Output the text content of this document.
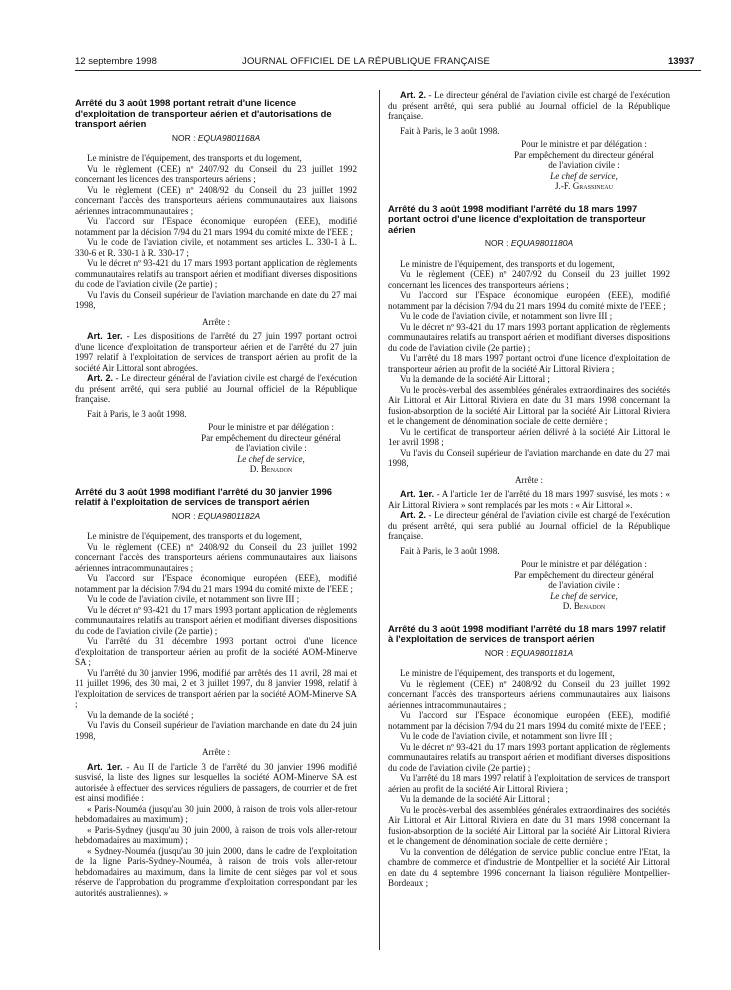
12 septembre 1998	JOURNAL OFFICIEL DE LA RÉPUBLIQUE FRANÇAISE	13937
Arrêté du 3 août 1998 portant retrait d'une licence d'exploitation de transporteur aérien et d'autorisations de transport aérien
NOR : EQUA9801168A

Le ministre de l'équipement, des transports et du logement,

Vu le règlement (CEE) nº 2407/92 du Conseil du 23 juillet 1992 concernant les licences des transporteurs aériens ;

Vu le règlement (CEE) nº 2408/92 du Conseil du 23 juillet 1992 concernant l'accès des transporteurs aériens communautaires aux liaisons aériennes intracommunautaires ;

Vu l'accord sur l'Espace économique européen (EEE), modifié notamment par la décision 7/94 du 21 mars 1994 du comité mixte de l'EEE ;

Vu le code de l'aviation civile, et notamment ses articles L. 330-1 à L. 330-6 et R. 330-1 à R. 330-17 ;

Vu le décret nº 93-421 du 17 mars 1993 portant application de règlements communautaires relatifs au transport aérien et modifiant diverses dispositions du code de l'aviation civile (2e partie) ;

Vu l'avis du Conseil supérieur de l'aviation marchande en date du 27 mai 1998,

Arrête :

Art. 1er. - Les dispositions de l'arrêté du 27 juin 1997 portant octroi d'une licence d'exploitation de transporteur aérien et de l'arrêté du 27 juin 1997 relatif à l'exploitation de services de transport aérien au profit de la société Air Littoral sont abrogées.

Art. 2. - Le directeur général de l'aviation civile est chargé de l'exécution du présent arrêté, qui sera publié au Journal officiel de la République française.

Fait à Paris, le 3 août 1998.

Pour le ministre et par délégation :
Par empêchement du directeur général
de l'aviation civile :
Le chef de service,
D. Benadon
Arrêté du 3 août 1998 modifiant l'arrêté du 30 janvier 1996 relatif à l'exploitation de services de transport aérien
NOR : EQUA9801182A

Le ministre de l'équipement, des transports et du logement,

Vu le règlement (CEE) nº 2408/92 du Conseil du 23 juillet 1992 concernant l'accès des transporteurs aériens communautaires aux liaisons aériennes intracommunautaires ;

Vu l'accord sur l'Espace économique européen (EEE), modifié notamment par la décision 7/94 du 21 mars 1994 du comité mixte de l'EEE ;

Vu le code de l'aviation civile, et notamment son livre III ;

Vu le décret nº 93-421 du 17 mars 1993 portant application de règlements communautaires relatifs au transport aérien et modifiant diverses dispositions du code de l'aviation civile (2e partie) ;

Vu l'arrêté du 31 décembre 1993 portant octroi d'une licence d'exploitation de transporteur aérien au profit de la société AOM-Minerve SA ;

Vu l'arrêté du 30 janvier 1996, modifié par arrêtés des 11 avril, 28 mai et 11 juillet 1996, des 30 mai, 2 et 3 juillet 1997, du 8 janvier 1998, relatif à l'exploitation de services de transport aérien par la société AOM-Minerve SA ;

Vu la demande de la société ;

Vu l'avis du Conseil supérieur de l'aviation marchande en date du 24 juin 1998,

Arrête :

Art. 1er. - Au II de l'article 3 de l'arrêté du 30 janvier 1996 modifié susvisé, la liste des lignes sur lesquelles la société AOM-Minerve SA est autorisée à effectuer des services réguliers de passagers, de courrier et de fret est ainsi modifiée :

« Paris-Nouméa (jusqu'au 30 juin 2000, à raison de trois vols aller-retour hebdomadaires au maximum) ;

« Paris-Sydney (jusqu'au 30 juin 2000, à raison de trois vols aller-retour hebdomadaires au maximum) ;

« Sydney-Nouméa (jusqu'au 30 juin 2000, dans le cadre de l'exploitation de la ligne Paris-Sydney-Nouméa, à raison de trois vols aller-retour hebdomadaires au maximum, dans la limite de cent sièges par vol et sous réserve de l'approbation du programme d'exploitation correspondant par les autorités australiennes). »

Art. 2. - Le directeur général de l'aviation civile est chargé de l'exécution du présent arrêté, qui sera publié au Journal officiel de la République française.

Fait à Paris, le 3 août 1998.

Pour le ministre et par délégation :
Par empêchement du directeur général
de l'aviation civile :
Le chef de service,
J.-F. Grassineau
Arrêté du 3 août 1998 modifiant l'arrêté du 18 mars 1997 portant octroi d'une licence d'exploitation de transporteur aérien
NOR : EQUA9801180A

Le ministre de l'équipement, des transports et du logement,

Vu le règlement (CEE) nº 2407/92 du Conseil du 23 juillet 1992 concernant les licences des transporteurs aériens ;

Vu l'accord sur l'Espace économique européen (EEE), modifié notamment par la décision 7/94 du 21 mars 1994 du comité mixte de l'EEE ;

Vu le code de l'aviation civile, et notamment son livre III ;

Vu le décret nº 93-421 du 17 mars 1993 portant application de règlements communautaires relatifs au transport aérien et modifiant diverses dispositions du code de l'aviation civile (2e partie) ;

Vu l'arrêté du 18 mars 1997 portant octroi d'une licence d'exploitation de transporteur aérien au profit de la société Air Littoral Riviera ;

Vu la demande de la société Air Littoral ;

Vu le procès-verbal des assemblées générales extraordinaires des sociétés Air Littoral et Air Littoral Riviera en date du 31 mars 1998 concernant la fusion-absorption de la société Air Littoral par la société Air Littoral Riviera et le changement de dénomination sociale de cette dernière ;

Vu le certificat de transporteur aérien délivré à la société Air Littoral le 1er avril 1998 ;

Vu l'avis du Conseil supérieur de l'aviation marchande en date du 27 mai 1998,

Arrête :

Art. 1er. - A l'article 1er de l'arrêté du 18 mars 1997 susvisé, les mots : « Air Littoral Riviera » sont remplacés par les mots : « Air Littoral ».

Art. 2. - Le directeur général de l'aviation civile est chargé de l'exécution du présent arrêté, qui sera publié au Journal officiel de la République française.

Fait à Paris, le 3 août 1998.

Pour le ministre et par délégation :
Par empêchement du directeur général
de l'aviation civile :
Le chef de service,
D. Benadon
Arrêté du 3 août 1998 modifiant l'arrêté du 18 mars 1997 relatif à l'exploitation de services de transport aérien
NOR : EQUA9801181A

Le ministre de l'équipement, des transports et du logement,

Vu le règlement (CEE) nº 2408/92 du Conseil du 23 juillet 1992 concernant l'accès des transporteurs aériens communautaires aux liaisons aériennes intracommunautaires ;

Vu l'accord sur l'Espace économique européen (EEE), modifié notamment par la décision 7/94 du 21 mars 1994 du comité mixte de l'EEE ;

Vu le code de l'aviation civile, et notamment son livre III ;

Vu le décret nº 93-421 du 17 mars 1993 portant application de règlements communautaires relatifs au transport aérien et modifiant diverses dispositions du code de l'aviation civile (2e partie) ;

Vu l'arrêté du 18 mars 1997 relatif à l'exploitation de services de transport aérien au profit de la société Air Littoral Riviera ;

Vu la demande de la société Air Littoral ;

Vu le procès-verbal des assemblées générales extraordinaires des sociétés Air Littoral et Air Littoral Riviera en date du 31 mars 1998 concernant la fusion-absorption de la société Air Littoral par la société Air Littoral Riviera et le changement de dénomination sociale de cette dernière ;

Vu la convention de délégation de service public conclue entre l'Etat, la chambre de commerce et d'industrie de Montpellier et la société Air Littoral en date du 4 septembre 1996 concernant la liaison régulière Montpellier-Bordeaux ;
